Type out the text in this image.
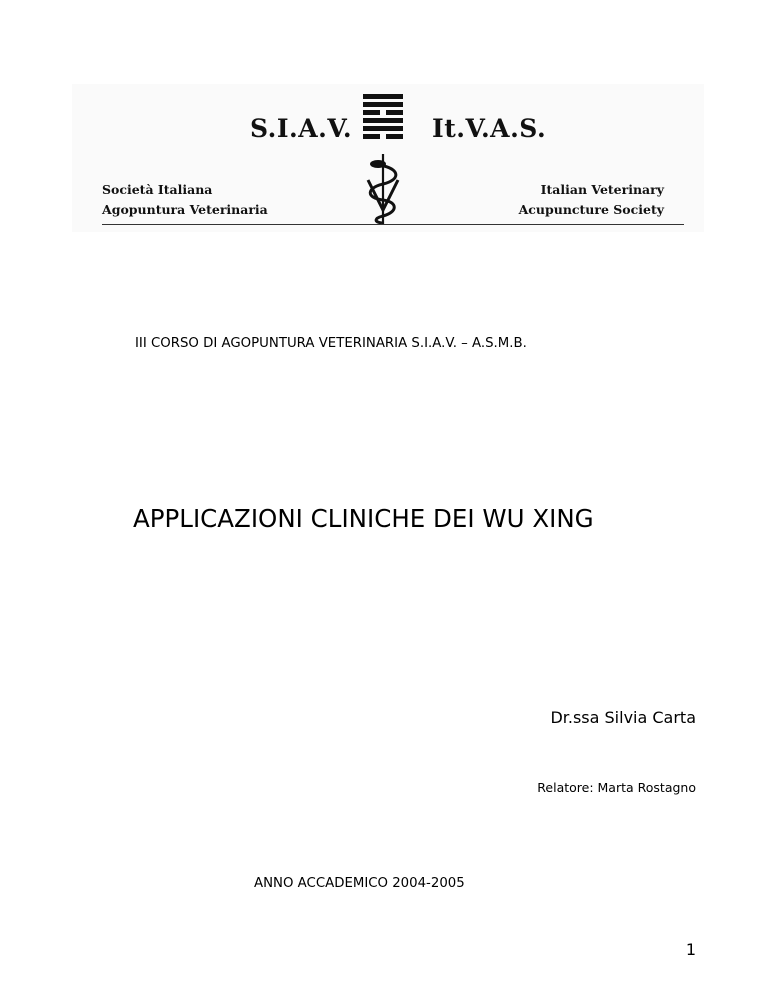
S.I.A.V.	It.V.A.S.
Società Italiana
Agopuntura Veterinaria
Italian Veterinary
Acupuncture Society
III CORSO DI AGOPUNTURA VETERINARIA S.I.A.V. – A.S.M.B.
APPLICAZIONI CLINICHE DEI WU XING
Dr.ssa Silvia Carta
Relatore: Marta Rostagno
ANNO ACCADEMICO 2004-2005
1
